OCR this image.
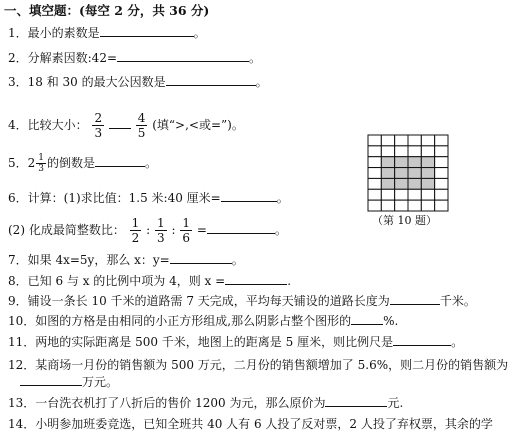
一、填空题：(每空 2 分，共 36 分)
1．最小的素数是	。
2．分解素因数:42=	。
3．18 和 30 的最大公因数是	。
4．比较大小： $\frac{2}{3}$
	$\frac{4}{5}$ (填“>,<或=”)。
5．$2 \frac{1}{3}$ 的倒数是	。
6．计算：(1)求比值：1.5 米:40 厘米=	。
(2) 化成最简整数比： $\frac{1}{2}$ : $\frac{1}{3}$ : $\frac{1}{6}$ =	。
7．如果 4x=5y，那么 x：y=	。
8．已知 6 与 x 的比例中项为 4，则 x =	.
9．铺设一条长 10 千米的道路需 7 天完成，平均每天铺设的道路长度为	千米。
10．如图的方格是由相同的小正方形组成,那么阴影占整个图形的	%.
11．两地的实际距离是 500 千米，地图上的距离是 5 厘米，则比例尺是	。
12．某商场一月份的销售额为 500 万元，二月份的销售额增加了 5.6%，则二月份的销售额为
万元。
13．一台洗衣机打了八折后的售价 1200 为元，那么原价为	元.
14．小明参加班委竞选，已知全班共 40 人有 6 人投了反对票，2 人投了弃权票，其余的学
（第 10 题）
